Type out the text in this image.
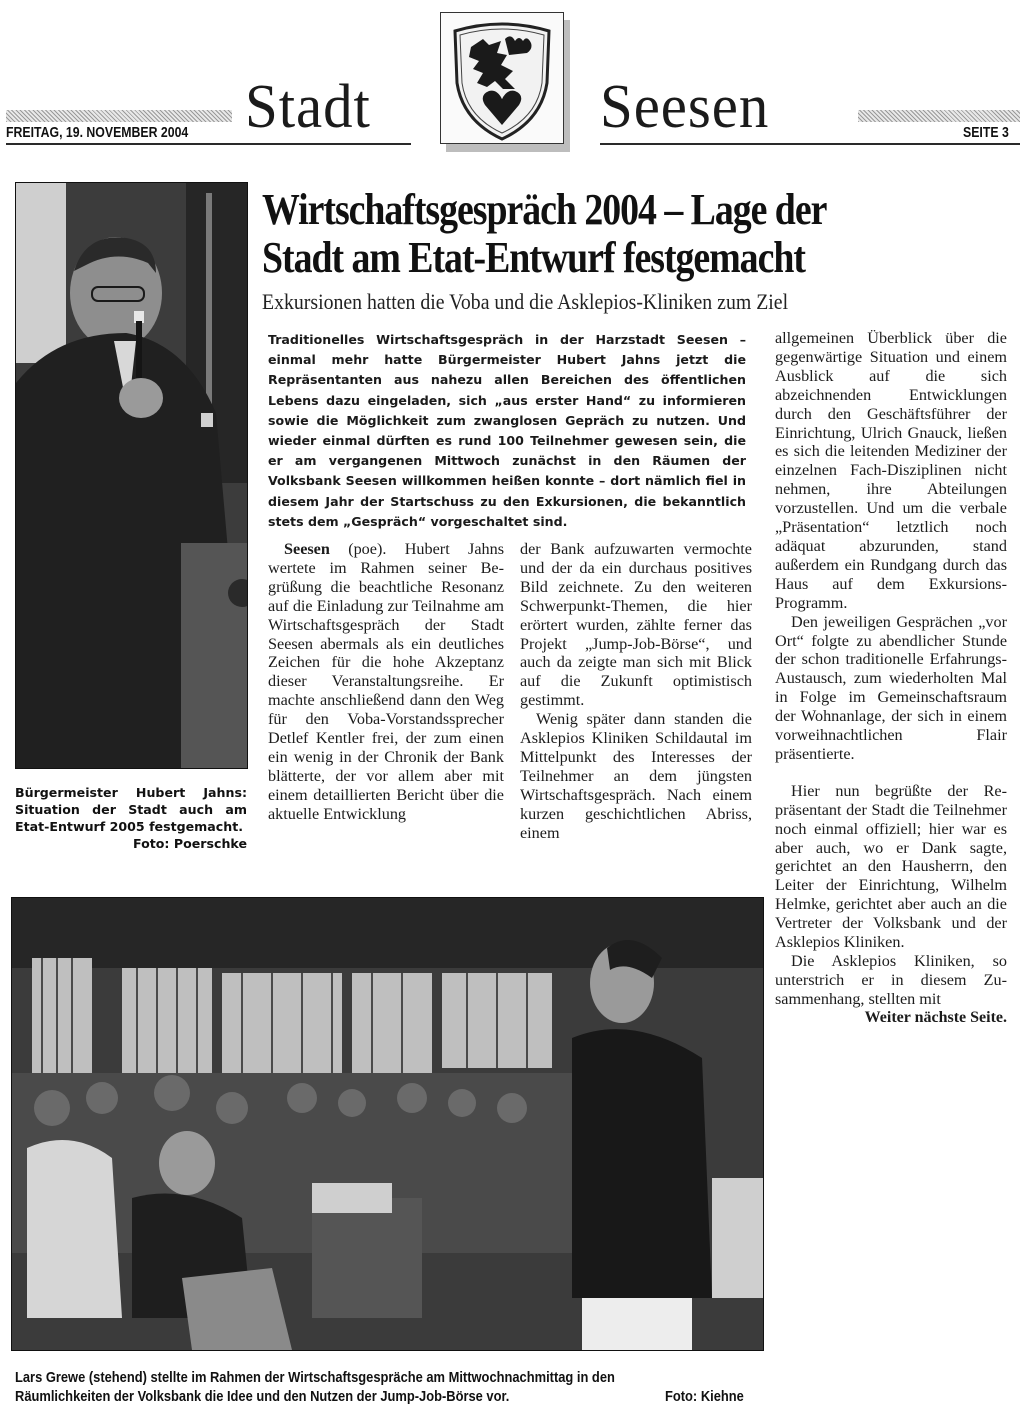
Stadt	Seesen
FREITAG, 19. NOVEMBER 2004	SEITE 3
Bürgermeister Hubert Jahns: Situation der Stadt auch am Etat-Entwurf 2005 festgemacht.
Foto: Poerschke
Wirtschaftsgespräch 2004 – Lage der
Stadt am Etat-Entwurf festgemacht
Exkursionen hatten die Voba und die Asklepios-Kliniken zum Ziel

Traditionelles Wirtschaftsgespräch in der Harzstadt Seesen – einmal mehr hatte Bürgermeister Hubert Jahns jetzt die Repräsentanten aus nahezu allen Bereichen des öffentlichen Lebens dazu eingeladen, sich „aus erster Hand“ zu informieren sowie die Möglichkeit zum zwanglosen Gepräch zu nutzen. Und wieder einmal dürften es rund 100 Teilnehmer gewesen sein, die er am vergangenen Mittwoch zunächst in den Räumen der Volksbank Seesen willkommen heißen konnte – dort nämlich fiel in diesem Jahr der Startschuss zu den Exkursionen, die bekanntlich stets dem „Gespräch“ vorgeschaltet sind.

Seesen (poe). Hubert Jahns wertete im Rahmen seiner Begrüßung die beachtliche Resonanz auf die Einladung zur Teilnahme am Wirtschaftsgespräch der Stadt Seesen abermals als ein deutliches Zeichen für die hohe Akzeptanz dieser Veranstaltungsreihe. Er machte anschließend dann den Weg für den Voba-Vorstandssprecher Detlef Kentler frei, der zum einen ein wenig in der Chronik der Bank blätterte, der vor allem aber mit einem detaillierten Bericht über die aktuelle Entwicklung

der Bank aufzuwarten vermochte und der da ein durchaus positives Bild zeichnete. Zu den weiteren Schwerpunkt-Themen, die hier erörtert wurden, zählte ferner das Projekt „Jump-Job-Börse“, und auch da zeigte man sich mit Blick auf die Zukunft optimistisch gestimmt.

Wenig später dann standen die Asklepios Kliniken Schildautal im Mittelpunkt des Interesses der Teilnehmer an dem jüngsten Wirtschaftsgespräch. Nach einem kurzen geschichtlichen Abriss, einem

allgemeinen Überblick über die gegenwärtige Situation und einem Ausblick auf die sich abzeichnenden Entwicklungen durch den Geschäftsführer der Einrichtung, Ulrich Gnauck, ließen es sich die leitenden Mediziner der einzelnen Fach-Disziplinen nicht nehmen, ihre Abteilungen vorzustellen. Und um die verbale „Präsentation“ letztlich noch adäquat abzurunden, stand außerdem ein Rundgang durch das Haus auf dem Exkursions-Programm.

Den jeweiligen Gesprächen „vor Ort“ folgte zu abendlicher Stunde der schon traditionelle Erfahrungs-Austausch, zum wiederholten Mal in Folge im Gemeinschaftsraum der Wohnanlage, der sich in einem vorweihnachtlichen Flair präsentierte.

Hier nun begrüßte der Repräsentant der Stadt die Teilnehmer noch einmal offiziell; hier war es aber auch, wo er Dank sagte, gerichtet an den Hausherrn, den Leiter der Einrichtung, Wilhelm Helmke, gerichtet aber auch an die Vertreter der Volksbank und der Asklepios Kliniken.

Die Asklepios Kliniken, so unterstrich er in diesem Zusammenhang, stellten mit

Weiter nächste Seite.
Lars Grewe (stehend) stellte im Rahmen der Wirtschaftsgespräche am Mittwochnachmittag in den
Räumlichkeiten der Volksbank die Idee und den Nutzen der Jump-Job-Börse vor.	Foto: Kiehne
